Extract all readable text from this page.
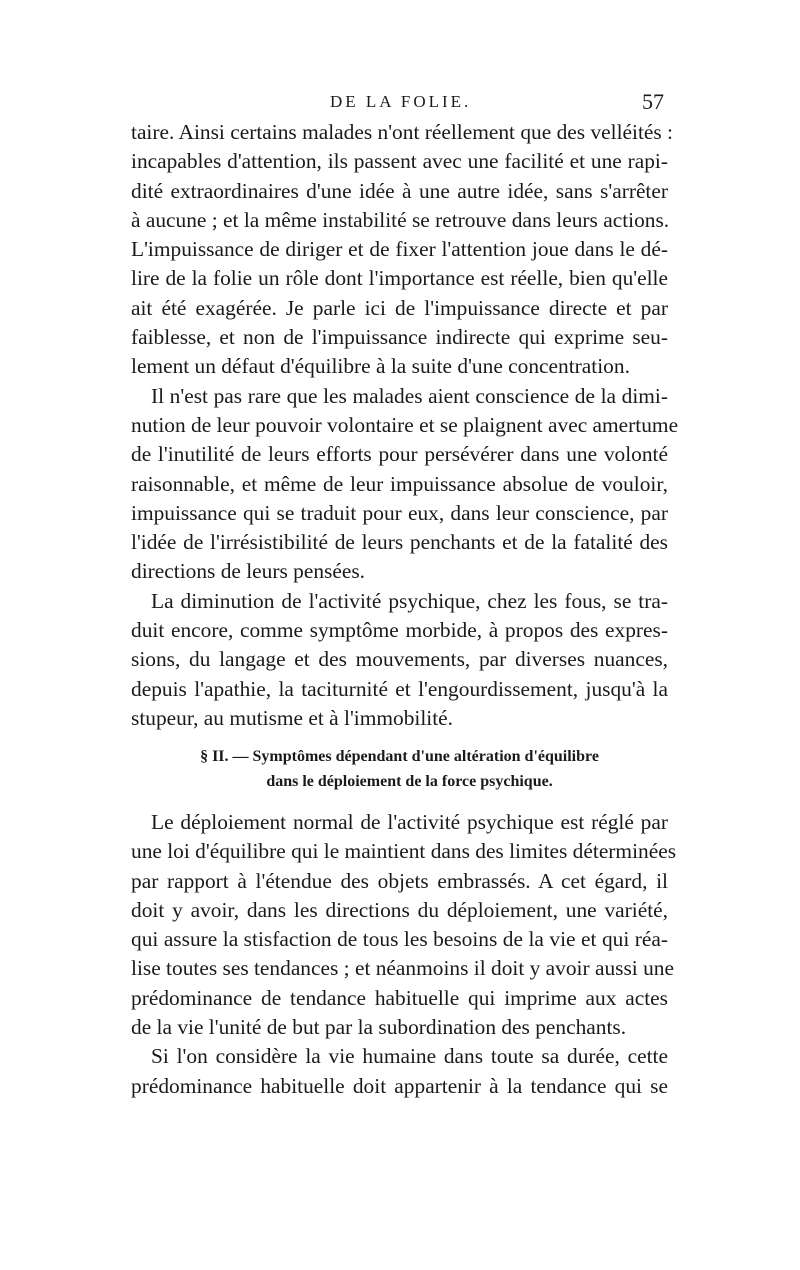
DE LA FOLIE.	57
taire. Ainsi certains malades n'ont réellement que des velléités :
incapables d'attention, ils passent avec une facilité et une rapi-
dité extraordinaires d'une idée à une autre idée, sans s'arrêter
à aucune ; et la même instabilité se retrouve dans leurs actions.
L'impuissance de diriger et de fixer l'attention joue dans le dé-
lire de la folie un rôle dont l'importance est réelle, bien qu'elle
ait été exagérée. Je parle ici de l'impuissance directe et par
faiblesse, et non de l'impuissance indirecte qui exprime seu-
lement un défaut d'équilibre à la suite d'une concentration.
Il n'est pas rare que les malades aient conscience de la dimi-
nution de leur pouvoir volontaire et se plaignent avec amertume
de l'inutilité de leurs efforts pour persévérer dans une volonté
raisonnable, et même de leur impuissance absolue de vouloir,
impuissance qui se traduit pour eux, dans leur conscience, par
l'idée de l'irrésistibilité de leurs penchants et de la fatalité des
directions de leurs pensées.
La diminution de l'activité psychique, chez les fous, se tra-
duit encore, comme symptôme morbide, à propos des expres-
sions, du langage et des mouvements, par diverses nuances,
depuis l'apathie, la taciturnité et l'engourdissement, jusqu'à la
stupeur, au mutisme et à l'immobilité.
§ II. — Symptômes dépendant d'une altération d'équilibre
dans le déploiement de la force psychique.
Le déploiement normal de l'activité psychique est réglé par
une loi d'équilibre qui le maintient dans des limites déterminées
par rapport à l'étendue des objets embrassés. A cet égard, il
doit y avoir, dans les directions du déploiement, une variété,
qui assure la stisfaction de tous les besoins de la vie et qui réa-
lise toutes ses tendances ; et néanmoins il doit y avoir aussi une
prédominance de tendance habituelle qui imprime aux actes
de la vie l'unité de but par la subordination des penchants.
Si l'on considère la vie humaine dans toute sa durée, cette
prédominance habituelle doit appartenir à la tendance qui se
